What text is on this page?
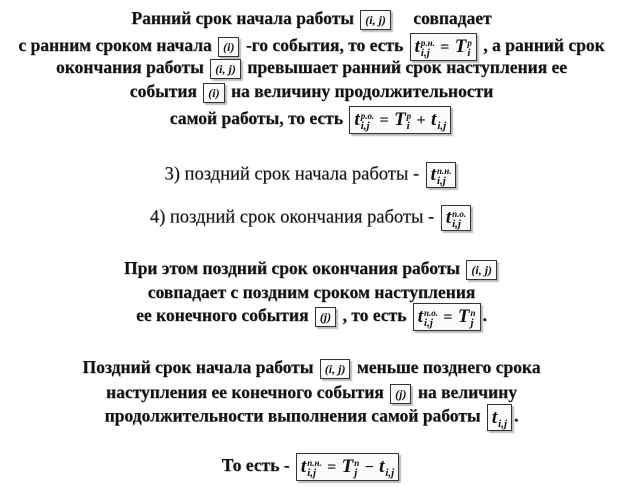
Ранний срок начала работы (i, j) совпадает
с ранним сроком начала (i) -го события, то есть t р.н.
i,j = T р
i , а ранний срок
окончания работы (i, j) превышает ранний срок наступления ее
события (i) на величину продолжительности
самой работы, то есть t р.о.
i,j = T р
i + t
i,j
3) поздний срок начала работы - t п.н.
i,j
4) поздний срок окончания работы - t п.о.
i,j
При этом поздний срок окончания работы (i, j)
совпадает с поздним сроком наступления
ее конечного события (j) , то есть t п.о.
i,j = T п
j .
Поздний срок начала работы (i, j) меньше позднего срока
наступления ее конечного события (j) на величину
продолжительности выполнения самой работы t
i,j .
То есть - t п.н.
i,j = T п
j − t
i,j
